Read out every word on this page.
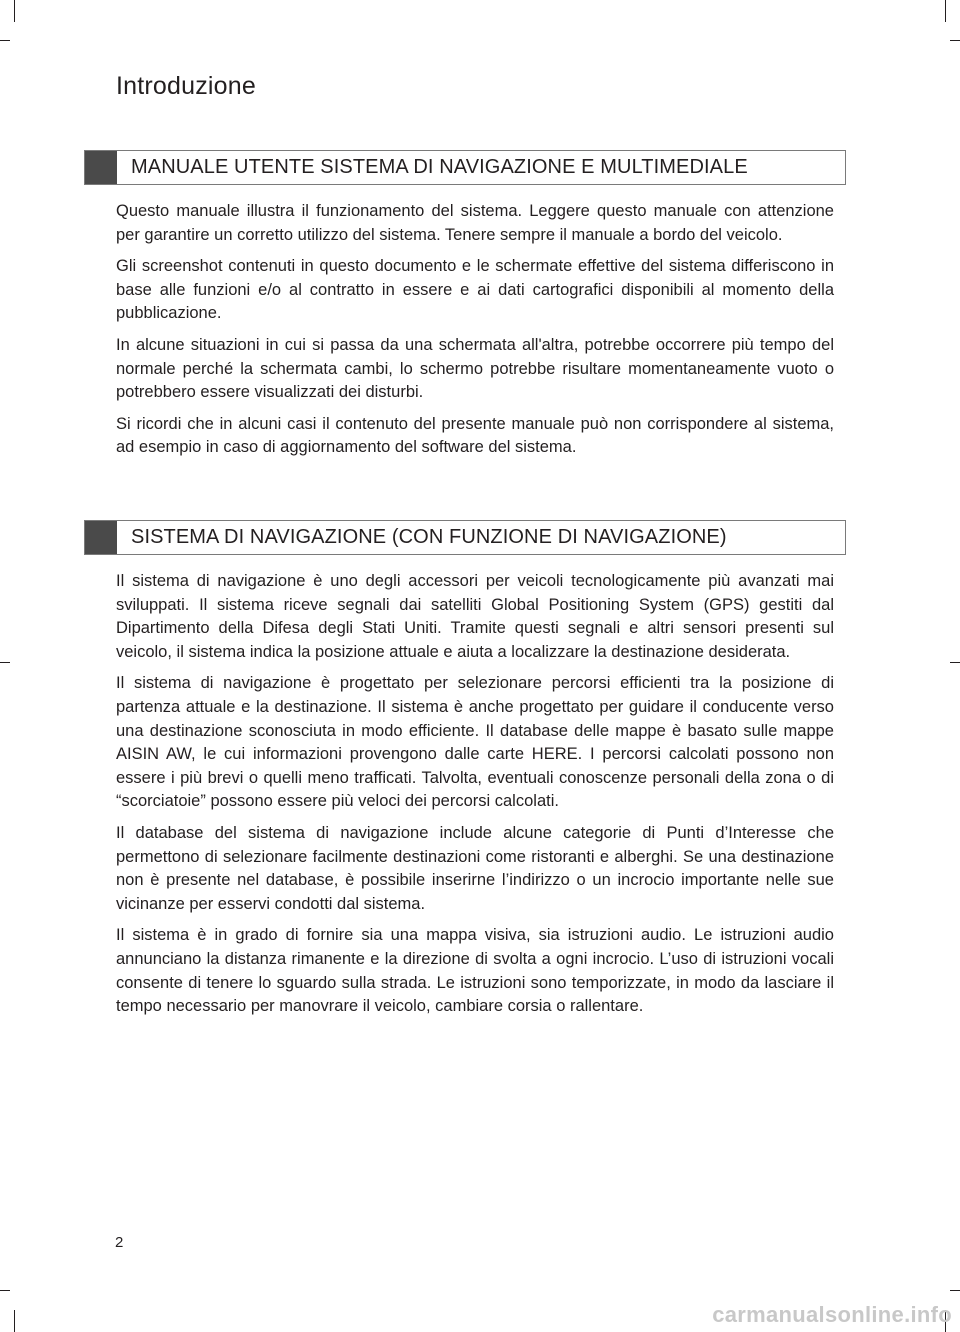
Introduzione
MANUALE UTENTE SISTEMA DI NAVIGAZIONE E MULTIMEDIALE

Questo manuale illustra il funzionamento del sistema. Leggere questo manuale con attenzione per garantire un corretto utilizzo del sistema. Tenere sempre il manuale a bordo del veicolo.

Gli screenshot contenuti in questo documento e le schermate effettive del sistema differiscono in base alle funzioni e/o al contratto in essere e ai dati cartografici disponibili al momento della pubblicazione.

In alcune situazioni in cui si passa da una schermata all'altra, potrebbe occorrere più tempo del normale perché la schermata cambi, lo schermo potrebbe risultare momentaneamente vuoto o potrebbero essere visualizzati dei disturbi.

Si ricordi che in alcuni casi il contenuto del presente manuale può non corrispondere al sistema, ad esempio in caso di aggiornamento del software del sistema.

SISTEMA DI NAVIGAZIONE (CON FUNZIONE DI NAVIGAZIONE)

Il sistema di navigazione è uno degli accessori per veicoli tecnologicamente più avanzati mai sviluppati. Il sistema riceve segnali dai satelliti Global Positioning System (GPS) gestiti dal Dipartimento della Difesa degli Stati Uniti. Tramite questi segnali e altri sensori presenti sul veicolo, il sistema indica la posizione attuale e aiuta a localizzare la destinazione desiderata.

Il sistema di navigazione è progettato per selezionare percorsi efficienti tra la posizione di partenza attuale e la destinazione. Il sistema è anche progettato per guidare il conducente verso una destinazione sconosciuta in modo efficiente. Il database delle mappe è basato sulle mappe AISIN AW, le cui informazioni provengono dalle carte HERE. I percorsi calcolati possono non essere i più brevi o quelli meno trafficati. Talvolta, eventuali conoscenze personali della zona o di “scorciatoie” possono essere più veloci dei percorsi calcolati.

Il database del sistema di navigazione include alcune categorie di Punti d’Interesse che permettono di selezionare facilmente destinazioni come ristoranti e alberghi. Se una destinazione non è presente nel database, è possibile inserirne l’indirizzo o un incrocio importante nelle sue vicinanze per esservi condotti dal sistema.

Il sistema è in grado di fornire sia una mappa visiva, sia istruzioni audio. Le istruzioni audio annunciano la distanza rimanente e la direzione di svolta a ogni incrocio. L’uso di istruzioni vocali consente di tenere lo sguardo sulla strada. Le istruzioni sono temporizzate, in modo da lasciare il tempo necessario per manovrare il veicolo, cambiare corsia o rallentare.

2
carmanualsonline.info
